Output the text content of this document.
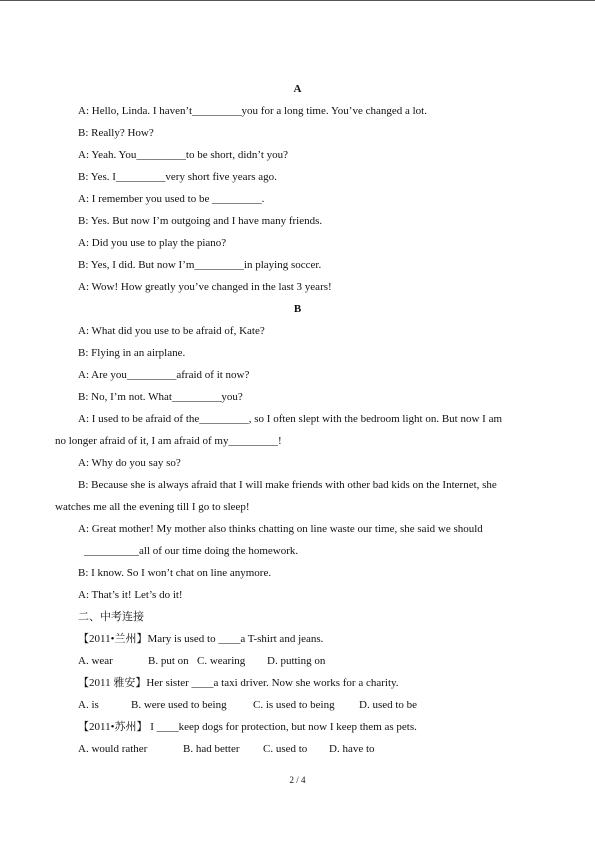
A
A: Hello, Linda. I haven’t_________you for a long time. You’ve changed a lot.
B: Really? How?
A: Yeah. You_________to be short, didn’t you?
B: Yes. I_________very short five years ago.
A: I remember you used to be _________.
B: Yes. But now I’m outgoing and I have many friends.
A: Did you use to play the piano?
B: Yes, I did. But now I’m_________in playing soccer.
A: Wow! How greatly you’ve changed in the last 3 years!
B
A: What did you use to be afraid of, Kate?
B: Flying in an airplane.
A: Are you_________afraid of it now?
B: No, I’m not. What_________you?
A: I used to be afraid of the_________, so I often slept with the bedroom light on. But now I am
no longer afraid of it, I am afraid of my_________!
A: Why do you say so?
B: Because she is always afraid that I will make friends with other bad kids on the Internet, she
watches me all the evening till I go to sleep!
A: Great mother! My mother also thinks chatting on line waste our time, she said we should
__________all of our time doing the homework.
B: I know. So I won’t chat on line anymore.
A: That’s it! Let’s do it!
二、中考连接
【2011•兰州】Mary is used to ____a T-shirt and jeans.
A. wear	B. put on C. wearing D. putting on
【2011 雅安】Her sister ____a taxi driver. Now she works for a charity.
A. is	B. were used to being C. is used to being D. used to be
【2011•苏州】 I ____keep dogs for protection, but now I keep them as pets.
A. would rather	B. had better C. used to D. have to
2 / 4
